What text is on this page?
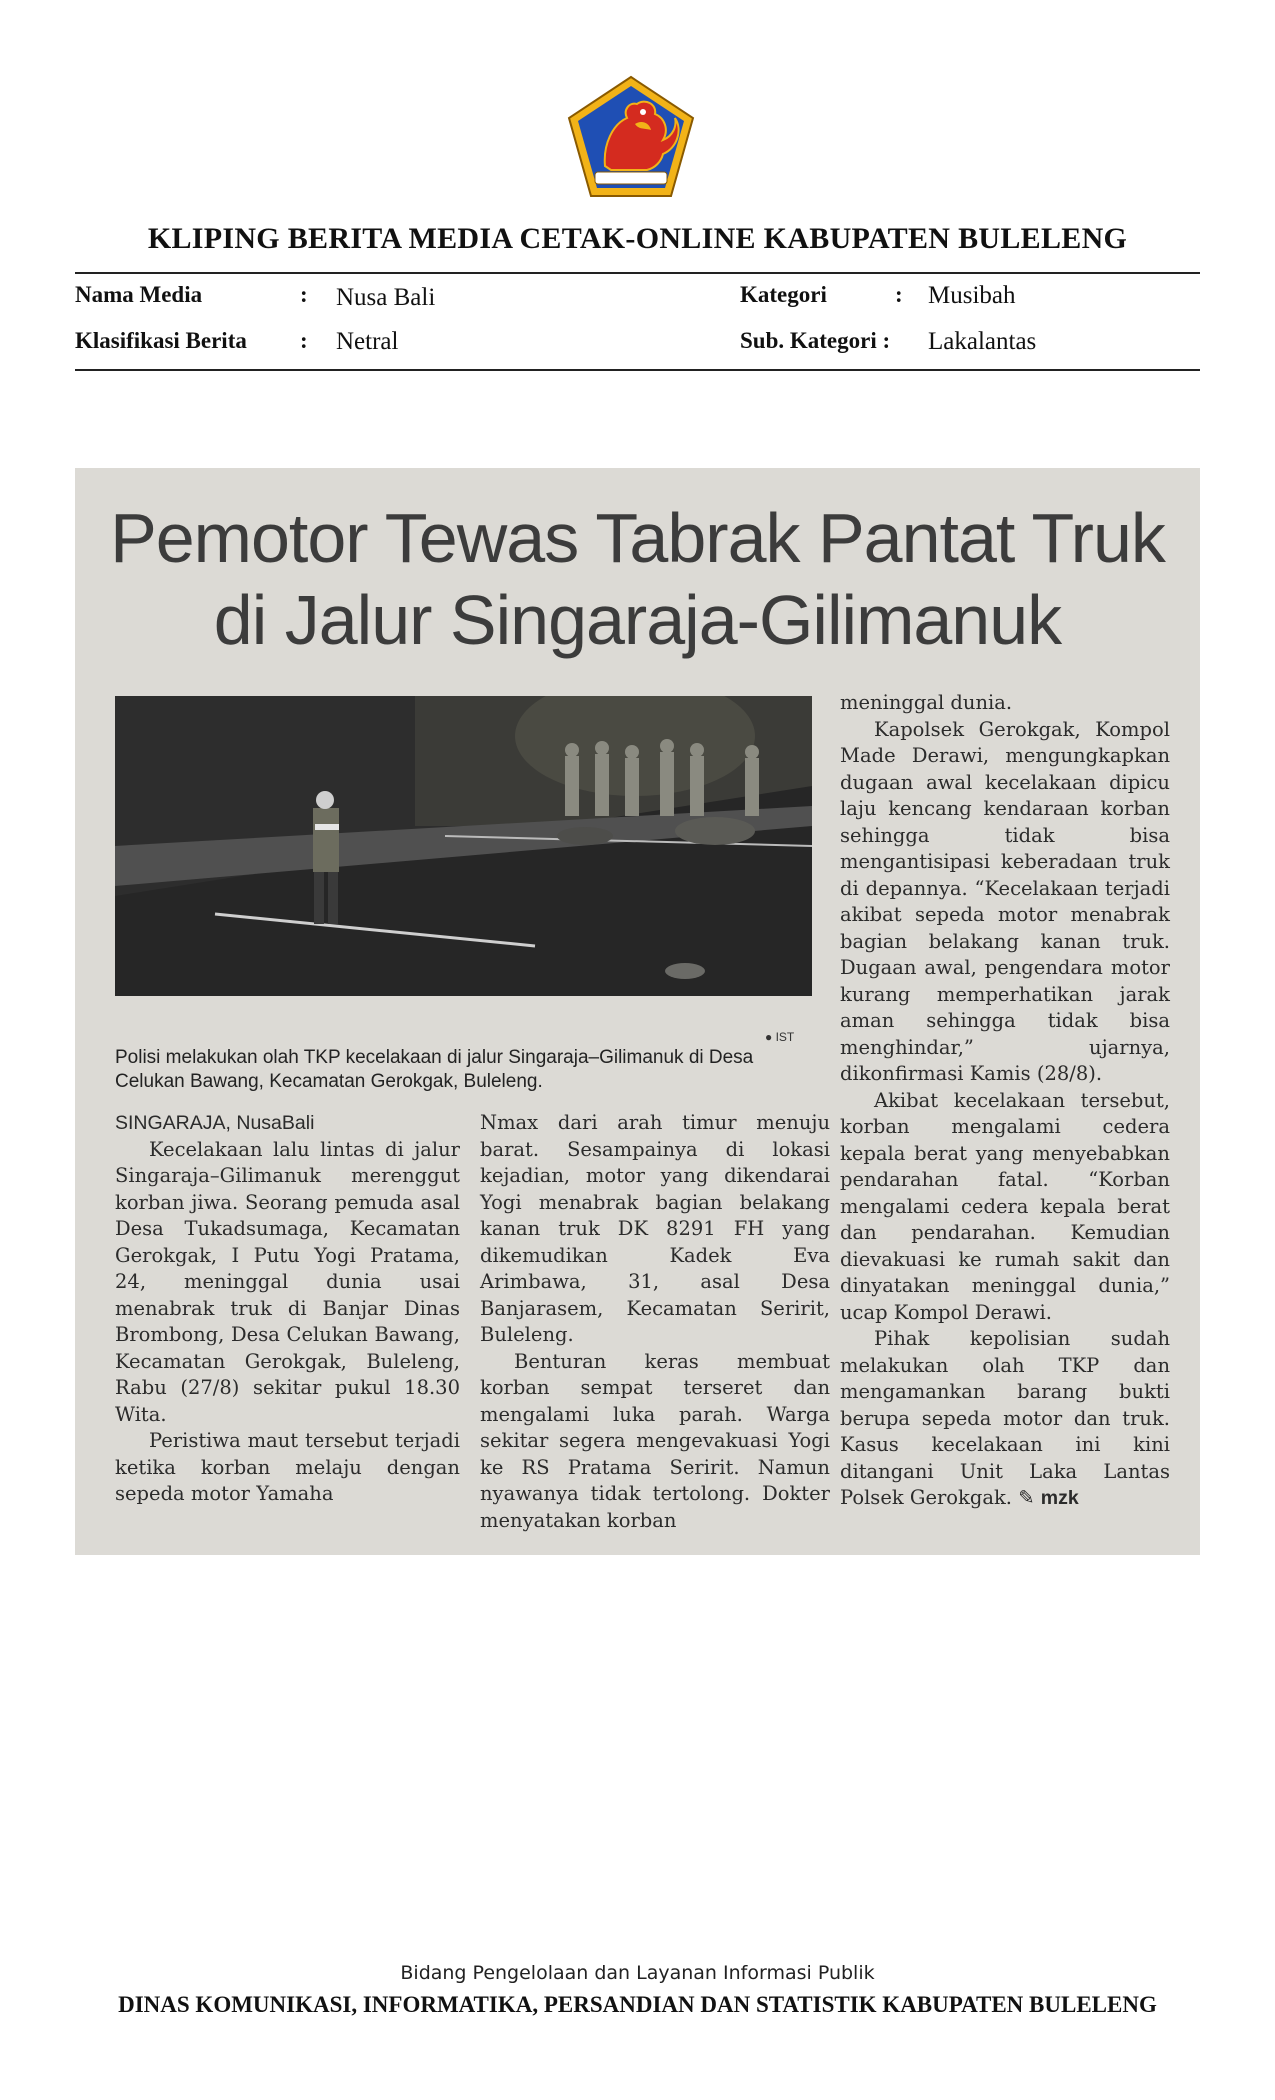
KLIPING BERITA MEDIA CETAK-ONLINE KABUPATEN BULELENG
Nama Media	: Nusa Bali	Kategori	: Musibah
Klasifikasi Berita : Netral	Sub. Kategori : Lakalantas
Pemotor Tewas Tabrak Pantat Truk
di Jalur Singaraja-Gilimanuk
● IST
Polisi melakukan olah TKP kecelakaan di jalur Singaraja–Gilimanuk di Desa Celukan Bawang, Kecamatan Gerokgak, Buleleng.

SINGARAJA, NusaBali

Kecelakaan lalu lintas di jalur Singaraja–Gilimanuk merenggut korban jiwa. Seorang pemuda asal Desa Tukadsumaga, Kecamatan Gerokgak, I Putu Yogi Pratama, 24, meninggal dunia usai menabrak truk di Banjar Dinas Brombong, Desa Celukan Bawang, Kecamatan Gerokgak, Buleleng, Rabu (27/8) sekitar pukul 18.30 Wita.

Peristiwa maut tersebut terjadi ketika korban melaju dengan sepeda motor Yamaha

Nmax dari arah timur menuju barat. Sesampainya di lokasi kejadian, motor yang dikendarai Yogi menabrak bagian belakang kanan truk DK 8291 FH yang dikemudikan Kadek Eva Arimbawa, 31, asal Desa Banjarasem, Kecamatan Seririt, Buleleng.

Benturan keras membuat korban sempat terseret dan mengalami luka parah. Warga sekitar segera mengevakuasi Yogi ke RS Pratama Seririt. Namun nyawanya tidak tertolong. Dokter menyatakan korban

meninggal dunia.

Kapolsek Gerokgak, Kompol Made Derawi, mengungkapkan dugaan awal kecelakaan dipicu laju kencang kendaraan korban sehingga tidak bisa mengantisipasi keberadaan truk di depannya. “Kecelakaan terjadi akibat sepeda motor menabrak bagian belakang kanan truk. Dugaan awal, pengendara motor kurang memperhatikan jarak aman sehingga tidak bisa menghindar,” ujarnya, dikonfirmasi Kamis (28/8).

Akibat kecelakaan tersebut, korban mengalami cedera kepala berat yang menyebabkan pendarahan fatal. “Korban mengalami cedera kepala berat dan pendarahan. Kemudian dievakuasi ke rumah sakit dan dinyatakan meninggal dunia,” ucap Kompol Derawi.

Pihak kepolisian sudah melakukan olah TKP dan mengamankan barang bukti berupa sepeda motor dan truk. Kasus kecelakaan ini kini ditangani Unit Laka Lantas Polsek Gerokgak. ✎ mzk

Bidang Pengelolaan dan Layanan Informasi Publik
DINAS KOMUNIKASI, INFORMATIKA, PERSANDIAN DAN STATISTIK KABUPATEN BULELENG
